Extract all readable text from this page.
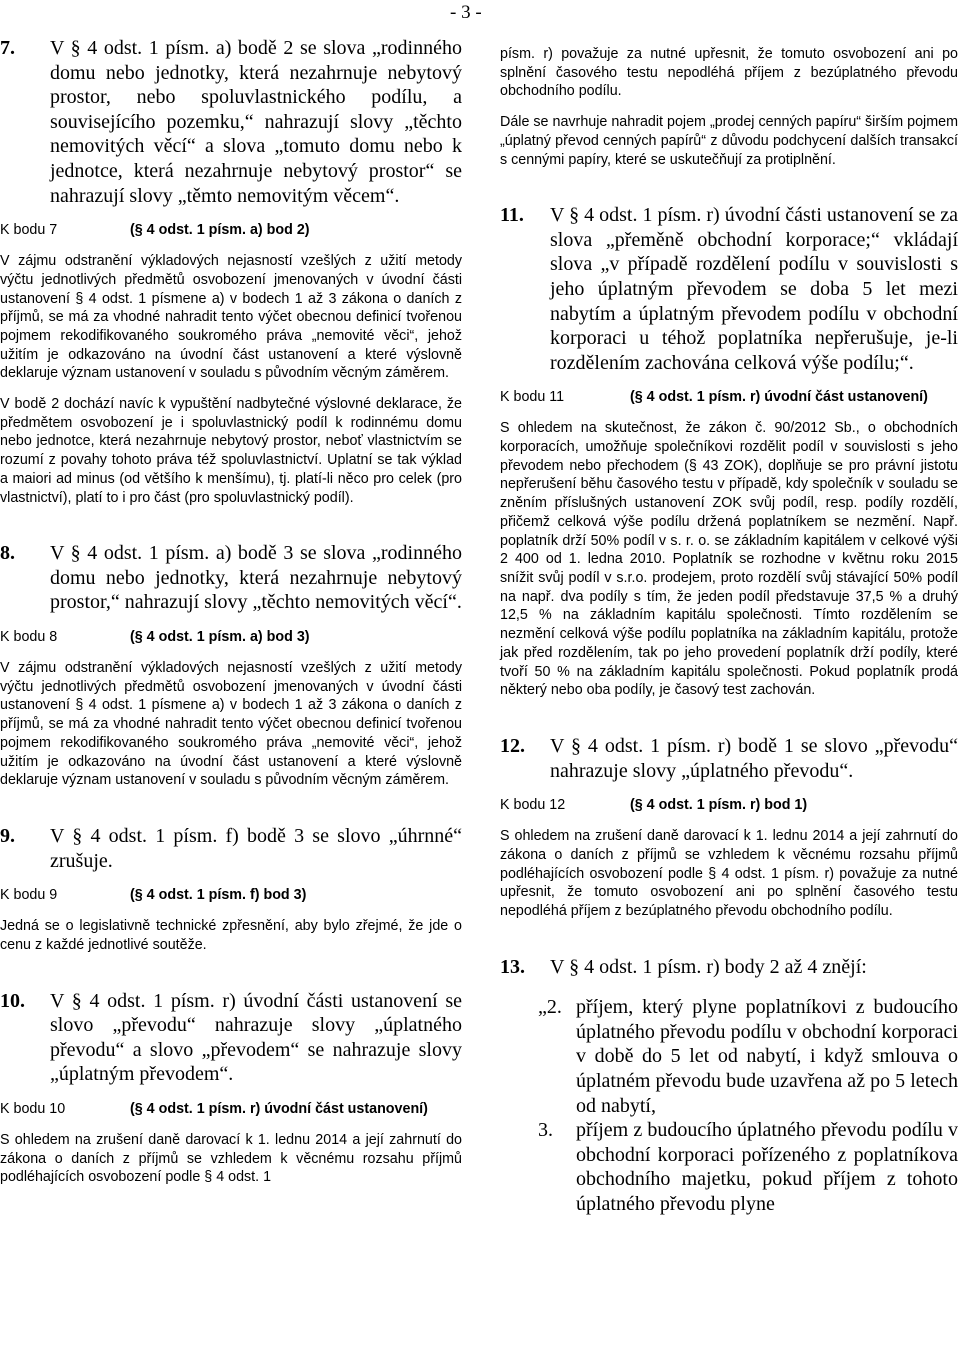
- 3 -
7. V § 4 odst. 1 písm. a) bodě 2 se slova „rodinného domu nebo jednotky, která nezahrnuje nebytový prostor, nebo spoluvlastnického podílu, a souvisejícího pozemku,“ nahrazují slovy „těchto nemovitých věcí“ a slova „tomuto domu nebo k jednotce, která nezahrnuje nebytový prostor“ se nahrazují slovy „těmto nemovitým věcem“.
K bodu 7	(§ 4 odst. 1 písm. a) bod 2)

V zájmu odstranění výkladových nejasností vzešlých z užití metody výčtu jednotlivých předmětů osvobození jmenovaných v úvodní části ustanovení § 4 odst. 1 písmene a) v bodech 1 až 3 zákona o daních z příjmů, se má za vhodné nahradit tento výčet obecnou definicí tvořenou pojmem rekodifikovaného soukromého práva „nemovité věci“, jehož užitím je odkazováno na úvodní část ustanovení a které výslovně deklaruje význam ustanovení v souladu s původním věcným záměrem.

V bodě 2 dochází navíc k vypuštění nadbytečné výslovné deklarace, že předmětem osvobození je i spoluvlastnický podíl k rodinnému domu nebo jednotce, která nezahrnuje nebytový prostor, neboť vlastnictvím se rozumí z povahy tohoto práva též spoluvlastnictví. Uplatní se tak výklad a maiori ad minus (od většího k menšímu), tj. platí-li něco pro celek (pro vlastnictví), platí to i pro část (pro spoluvlastnický podíl).

8. V § 4 odst. 1 písm. a) bodě 3 se slova „rodinného domu nebo jednotky, která nezahrnuje nebytový prostor,“ nahrazují slovy „těchto nemovitých věcí“.
K bodu 8	(§ 4 odst. 1 písm. a) bod 3)

V zájmu odstranění výkladových nejasností vzešlých z užití metody výčtu jednotlivých předmětů osvobození jmenovaných v úvodní části ustanovení § 4 odst. 1 písmene a) v bodech 1 až 3 zákona o daních z příjmů, se má za vhodné nahradit tento výčet obecnou definicí tvořenou pojmem rekodifikovaného soukromého práva „nemovité věci“, jehož užitím je odkazováno na úvodní část ustanovení a které výslovně deklaruje význam ustanovení v souladu s původním věcným záměrem.

9. V § 4 odst. 1 písm. f) bodě 3 se slovo „úhrnné“ zrušuje.
K bodu 9	(§ 4 odst. 1 písm. f) bod 3)

Jedná se o legislativně technické zpřesnění, aby bylo zřejmé, že jde o cenu z každé jednotlivé soutěže.

10. V § 4 odst. 1 písm. r) úvodní části ustanovení se slovo „převodu“ nahrazuje slovy „úplatného převodu“ a slovo „převodem“ se nahrazuje slovy „úplatným převodem“.
K bodu 10	(§ 4 odst. 1 písm. r) úvodní část ustanovení)

S ohledem na zrušení daně darovací k 1. lednu 2014 a její zahrnutí do zákona o daních z příjmů se vzhledem k věcnému rozsahu příjmů podléhajících osvobození podle § 4 odst. 1

písm. r) považuje za nutné upřesnit, že tomuto osvobození ani po splnění časového testu nepodléhá příjem z bezúplatného převodu obchodního podílu.

Dále se navrhuje nahradit pojem „prodej cenných papíru“ širším pojmem „úplatný převod cenných papírů“ z důvodu podchycení dalších transakcí s cennými papíry, které se uskutečňují za protiplnění.

11. V § 4 odst. 1 písm. r) úvodní části ustanovení se za slova „přeměně obchodní korporace;“ vkládají slova „v případě rozdělení podílu v souvislosti s jeho úplatným převodem se doba 5 let mezi nabytím a úplatným převodem podílu v obchodní korporaci u téhož poplatníka nepřerušuje, je-li rozdělením zachována celková výše podílu;“.
K bodu 11	(§ 4 odst. 1 písm. r) úvodní část ustanovení)

S ohledem na skutečnost, že zákon č. 90/2012 Sb., o obchodních korporacích, umožňuje společníkovi rozdělit podíl v souvislosti s jeho převodem nebo přechodem (§ 43 ZOK), doplňuje se pro právní jistotu nepřerušení běhu časového testu v případě, kdy společník v souladu se zněním příslušných ustanovení ZOK svůj podíl, resp. podíly rozdělí, přičemž celková výše podílu držená poplatníkem se nezmění. Např. poplatník drží 50% podíl v s. r. o. se základním kapitálem v celkové výši 2 400 od 1. ledna 2010. Poplatník se rozhodne v květnu roku 2015 snížit svůj podíl v s.r.o. prodejem, proto rozdělí svůj stávající 50% podíl na např. dva podíly s tím, že jeden podíl představuje 37,5 % a druhý 12,5 % na základním kapitálu společnosti. Tímto rozdělením se nezmění celková výše podílu poplatníka na základním kapitálu, protože jak před rozdělením, tak po jeho provedení poplatník drží podíly, které tvoří 50 % na základním kapitálu společnosti. Pokud poplatník prodá některý nebo oba podíly, je časový test zachován.

12. V § 4 odst. 1 písm. r) bodě 1 se slovo „převodu“ nahrazuje slovy „úplatného převodu“.
K bodu 12	(§ 4 odst. 1 písm. r) bod 1)

S ohledem na zrušení daně darovací k 1. lednu 2014 a její zahrnutí do zákona o daních z příjmů se vzhledem k věcnému rozsahu příjmů podléhajících osvobození podle § 4 odst. 1 písm. r) považuje za nutné upřesnit, že tomuto osvobození ani po splnění časového testu nepodléhá příjem z bezúplatného převodu obchodního podílu.

13. V § 4 odst. 1 písm. r) body 2 až 4 znějí:
„2. příjem, který plyne poplatníkovi z budoucího úplatného převodu podílu v obchodní korporaci v době do 5 let od nabytí, i když smlouva o úplatném převodu bude uzavřena až po 5 letech od nabytí,
3. příjem z budoucího úplatného převodu podílu v obchodní korporaci pořízeného z poplatníkova obchodního majetku, pokud příjem z tohoto úplatného převodu plyne
